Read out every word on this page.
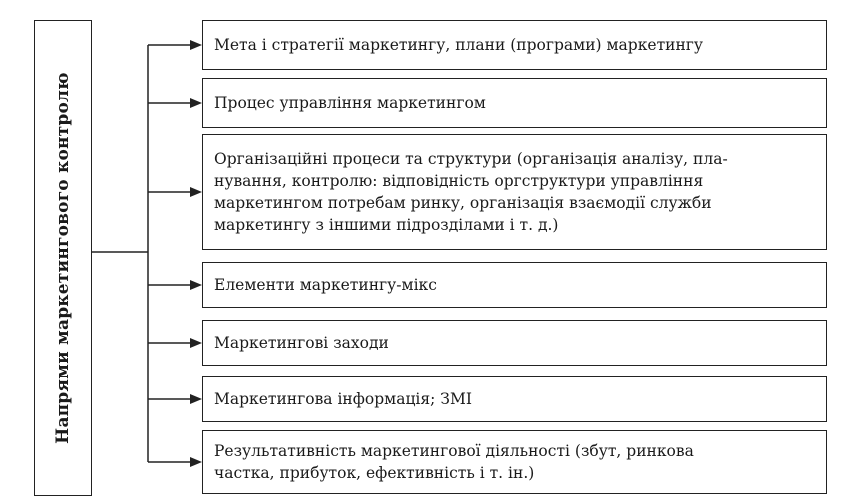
Напрями маркетингового контролю
Мета і стратегії маркетингу, плани (програми) маркетингу
Процес управління маркетингом
Організаційні процеси та структури (організація аналізу, пла-
нування, контролю: відповідність оргструктури управління
маркетингом потребам ринку, організація взаємодії служби
маркетингу з іншими підрозділами і т. д.)
Елементи маркетингу-мікс
Маркетингові заходи
Маркетингова інформація; ЗМІ
Результативність маркетингової діяльності (збут, ринкова
частка, прибуток, ефективність і т. ін.)
